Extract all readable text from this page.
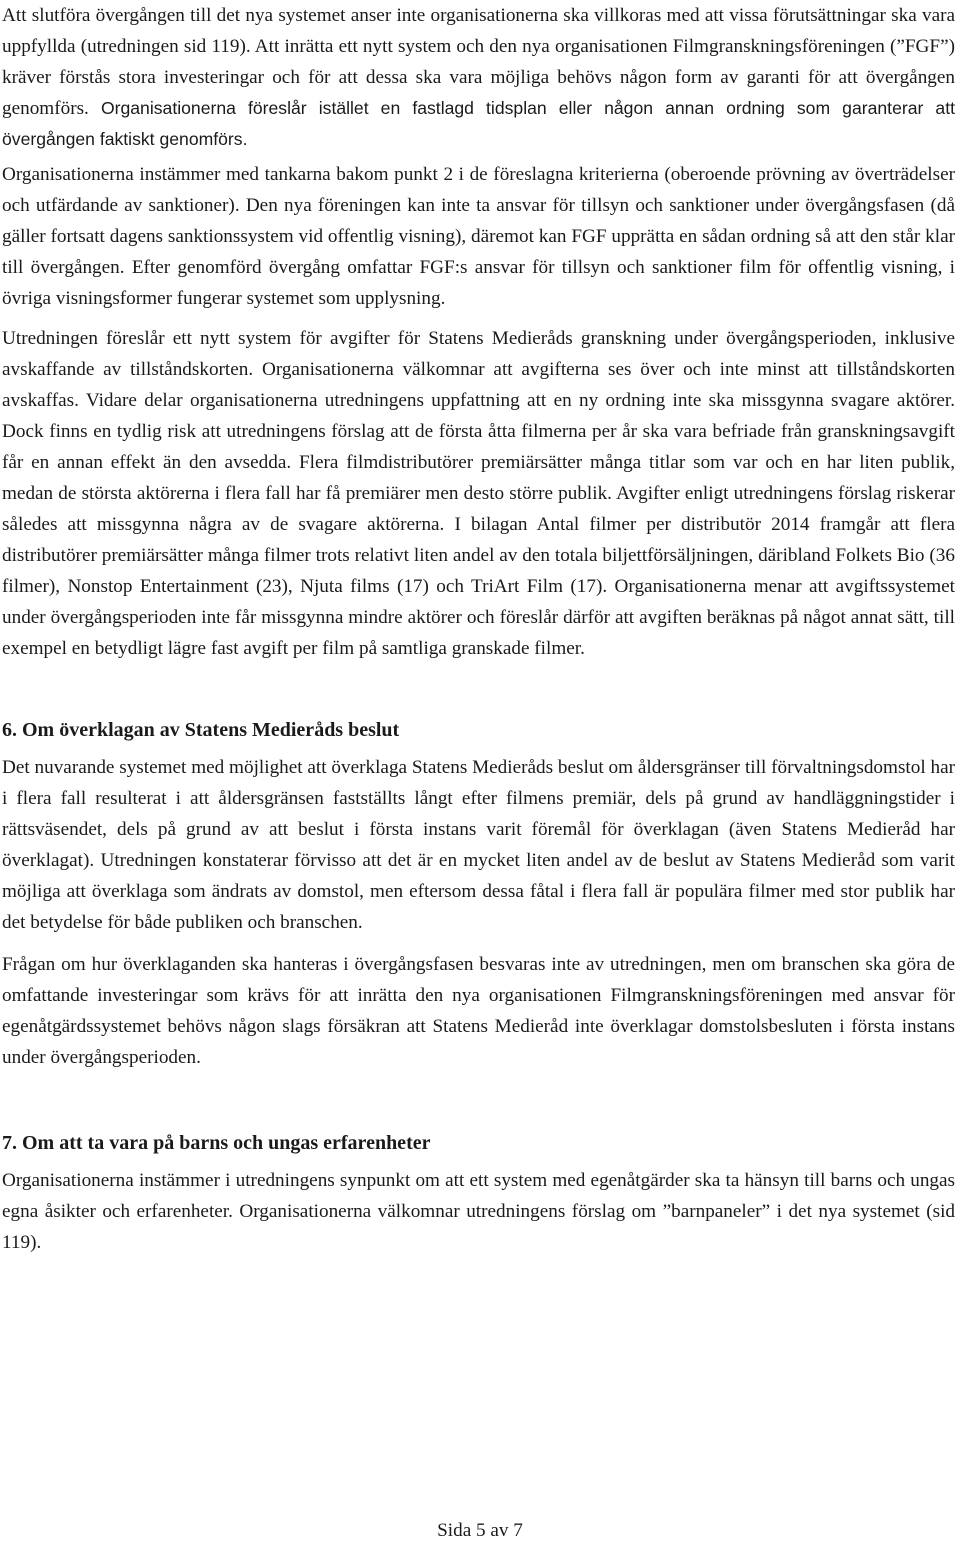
Att slutföra övergången till det nya systemet anser inte organisationerna ska villkoras med att vissa förutsättningar ska vara uppfyllda (utredningen sid 119). Att inrätta ett nytt system och den nya organisationen Filmgranskningsföreningen (”FGF”) kräver förstås stora investeringar och för att dessa ska vara möjliga behövs någon form av garanti för att övergången genomförs. Organisationerna föreslår istället en fastlagd tidsplan eller någon annan ordning som garanterar att övergången faktiskt genomförs.

Organisationerna instämmer med tankarna bakom punkt 2 i de föreslagna kriterierna (oberoende prövning av överträdelser och utfärdande av sanktioner). Den nya föreningen kan inte ta ansvar för tillsyn och sanktioner under övergångsfasen (då gäller fortsatt dagens sanktionssystem vid offentlig visning), däremot kan FGF upprätta en sådan ordning så att den står klar till övergången. Efter genomförd övergång omfattar FGF:s ansvar för tillsyn och sanktioner film för offentlig visning, i övriga visningsformer fungerar systemet som upplysning.

Utredningen föreslår ett nytt system för avgifter för Statens Medieråds granskning under övergångsperioden, inklusive avskaffande av tillståndskorten. Organisationerna välkomnar att avgifterna ses över och inte minst att tillståndskorten avskaffas. Vidare delar organisationerna utredningens uppfattning att en ny ordning inte ska missgynna svagare aktörer. Dock finns en tydlig risk att utredningens förslag att de första åtta filmerna per år ska vara befriade från granskningsavgift får en annan effekt än den avsedda. Flera filmdistributörer premiärsätter många titlar som var och en har liten publik, medan de största aktörerna i flera fall har få premiärer men desto större publik. Avgifter enligt utredningens förslag riskerar således att missgynna några av de svagare aktörerna. I bilagan Antal filmer per distributör 2014 framgår att flera distributörer premiärsätter många filmer trots relativt liten andel av den totala biljettförsäljningen, däribland Folkets Bio (36 filmer), Nonstop Entertainment (23), Njuta films (17) och TriArt Film (17). Organisationerna menar att avgiftssystemet under övergångsperioden inte får missgynna mindre aktörer och föreslår därför att avgiften beräknas på något annat sätt, till exempel en betydligt lägre fast avgift per film på samtliga granskade filmer.

6. Om överklagan av Statens Medieråds beslut

Det nuvarande systemet med möjlighet att överklaga Statens Medieråds beslut om åldersgränser till förvaltningsdomstol har i flera fall resulterat i att åldersgränsen fastställts långt efter filmens premiär, dels på grund av handläggningstider i rättsväsendet, dels på grund av att beslut i första instans varit föremål för överklagan (även Statens Medieråd har överklagat). Utredningen konstaterar förvisso att det är en mycket liten andel av de beslut av Statens Medieråd som varit möjliga att överklaga som ändrats av domstol, men eftersom dessa fåtal i flera fall är populära filmer med stor publik har det betydelse för både publiken och branschen.

Frågan om hur överklaganden ska hanteras i övergångsfasen besvaras inte av utredningen, men om branschen ska göra de omfattande investeringar som krävs för att inrätta den nya organisationen Filmgranskningsföreningen med ansvar för egenåtgärdssystemet behövs någon slags försäkran att Statens Medieråd inte överklagar domstolsbesluten i första instans under övergångsperioden.

7. Om att ta vara på barns och ungas erfarenheter

Organisationerna instämmer i utredningens synpunkt om att ett system med egenåtgärder ska ta hänsyn till barns och ungas egna åsikter och erfarenheter. Organisationerna välkomnar utredningens förslag om ”barnpaneler” i det nya systemet (sid 119).

Sida 5 av 7
